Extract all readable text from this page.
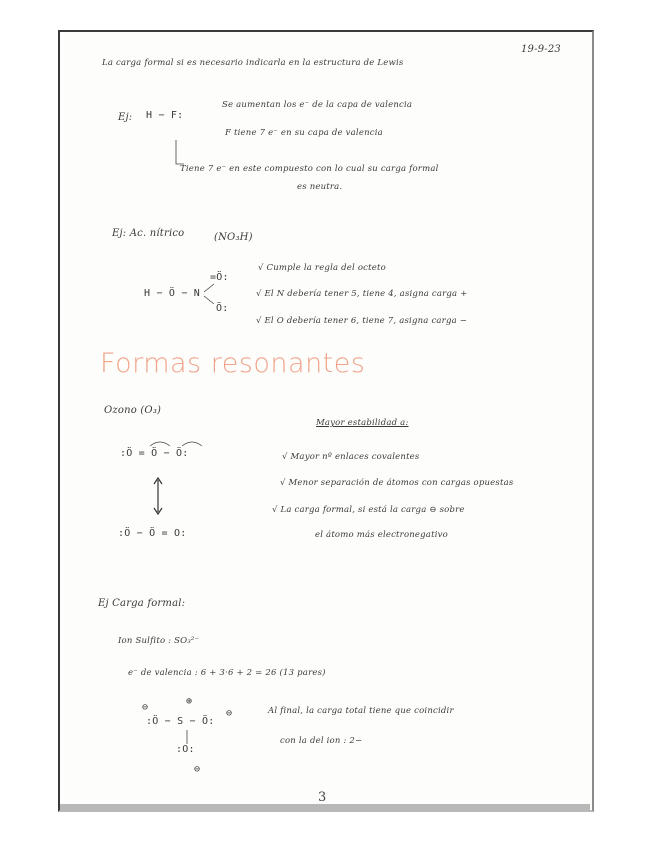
19-9-23
La carga formal si es necesario indicarla en la estructura de Lewis
Ej: H − F:
Se aumentan los e⁻ de la capa de valencia
F tiene 7 e⁻ en su capa de valencia
Tiene 7 e⁻ en este compuesto con lo cual su carga formal
es neutra.
Ej: Ac. nítrico	(NO₃H)
√ Cumple la regla del octeto
√ El N debería tener 5, tiene 4, asigna carga +
√ El O debería tener 6, tiene 7, asigna carga −
H − Ö − N
=Ö:
Ö:
Formas resonantes
Ozono (O₃)
:Ö = Ö − Ö:
:Ö − Ö = O:
Mayor estabilidad a:
√ Mayor nº enlaces covalentes
√ Menor separación de átomos con cargas opuestas
√ La carga formal, si está la carga ⊖ sobre
el átomo más electronegativo
Ej Carga formal:
Ion Sulfito : SO₃²⁻
e⁻ de valencia : 6 + 3·6 + 2 = 26 (13 pares)
:Ö − S − Ö:
:O:
⊕
⊖
⊖
⊖
Al final, la carga total tiene que coincidir
con la del ion : 2−
3
